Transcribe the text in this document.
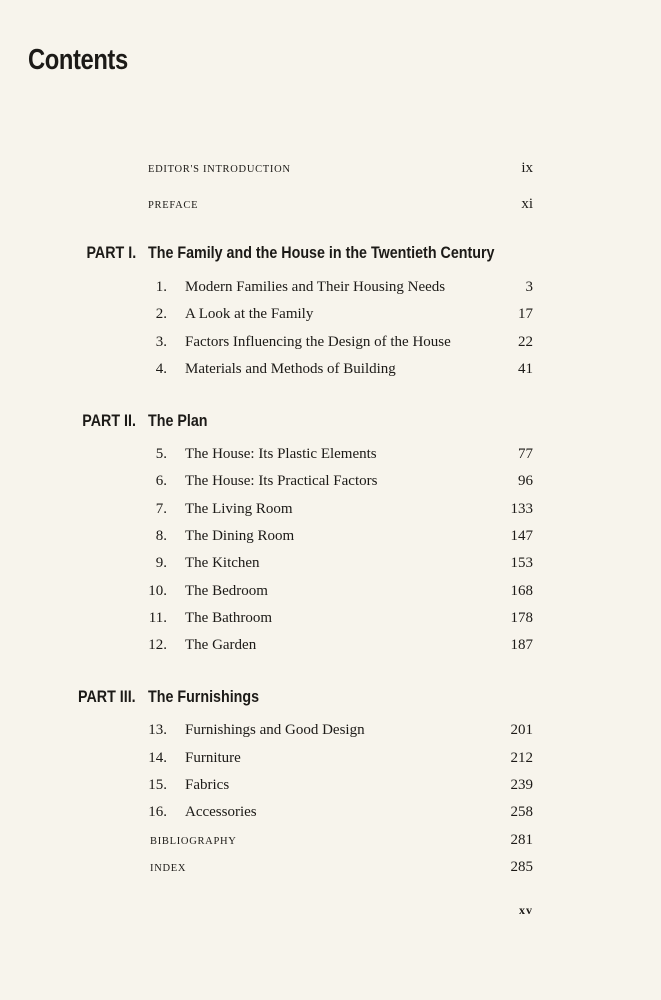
Contents
EDITOR'S INTRODUCTION	ix
PREFACE	xi
PART I. The Family and the House in the Twentieth Century
1. Modern Families and Their Housing Needs	3
2. A Look at the Family	17
3. Factors Influencing the Design of the House	22
4. Materials and Methods of Building	41
PART II. The Plan
5. The House: Its Plastic Elements	77
6. The House: Its Practical Factors	96
7. The Living Room	133
8. The Dining Room	147
9. The Kitchen	153
10. The Bedroom	168
11. The Bathroom	178
12. The Garden	187
PART III. The Furnishings
13. Furnishings and Good Design	201
14. Furniture	212
15. Fabrics	239
16. Accessories	258
BIBLIOGRAPHY	281
INDEX	285
xv
